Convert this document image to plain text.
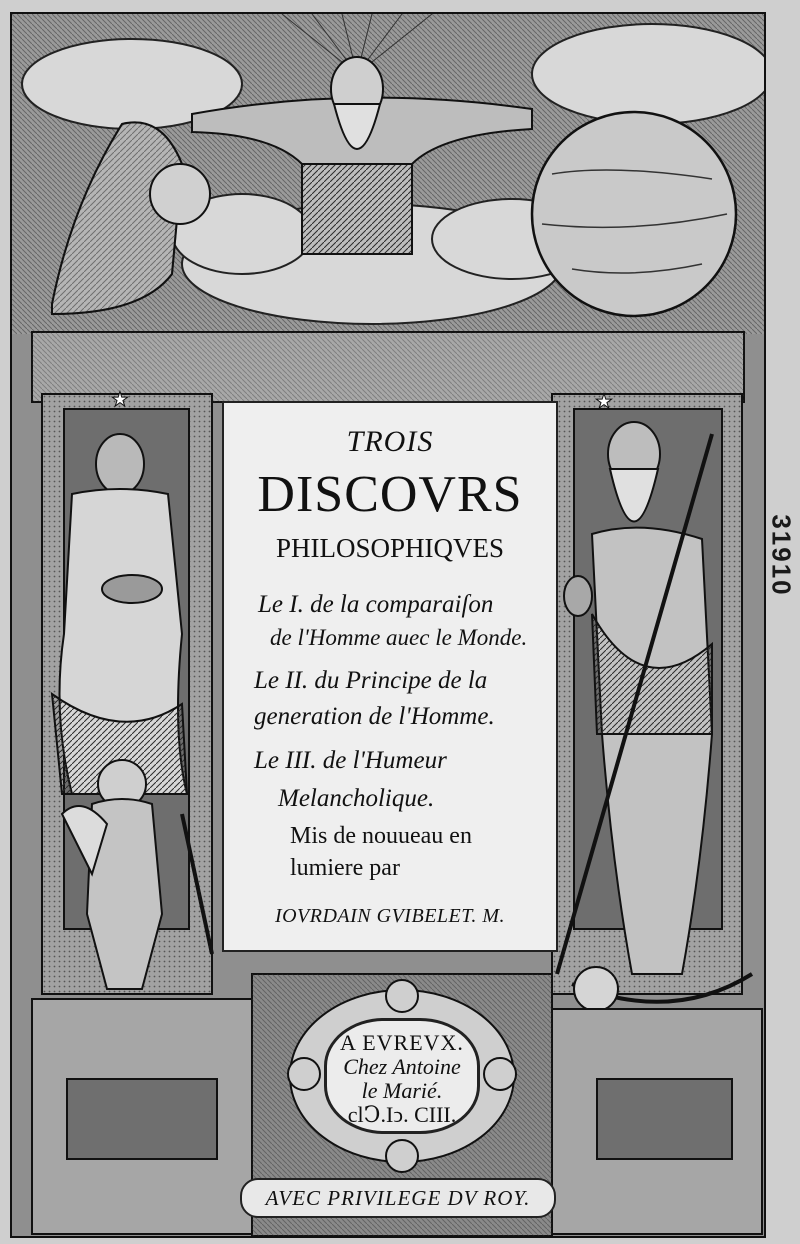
★	★
TROIS
DISCOVRS
PHILOSOPHIQVES
Le I. de la comparaiſon
de l'Homme auec le Monde.
Le II. du Principe de la
generation de l'Homme.
Le III. de l'Humeur
Melancholique.
Mis de nouueau en
lumiere par
IOVRDAIN GVIBELET. M.
A EVREVX.
Chez Antoine
le Marié.
clↃ.Iↄ. CIII.
AVEC PRIVILEGE DV ROY.
31910
